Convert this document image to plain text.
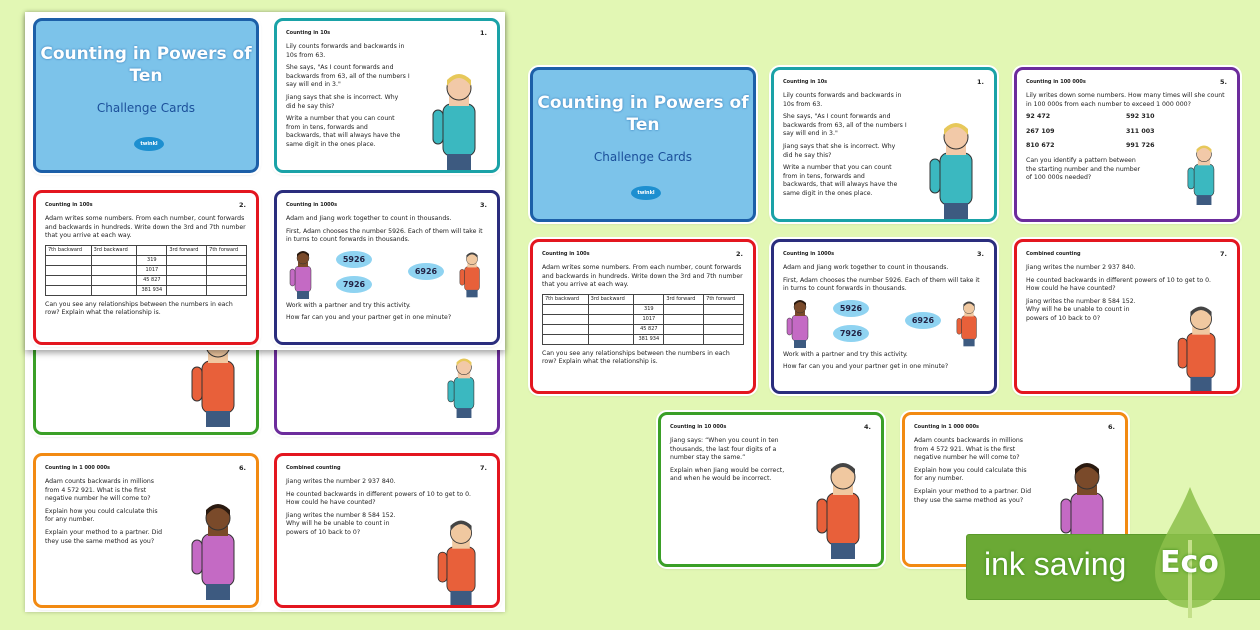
Counting in 1 000 000s	6.

Adam counts backwards in millions from 4 572 921. What is the first negative number he will come to?

Explain how you could calculate this for any number.

Explain your method to a partner. Did they use the same method as you?

Combined counting	7.

Jiang writes the number 2 937 840.

He counted backwards in different powers of 10 to get to 0. How could he have counted?

Jiang writes the number 8 584 152. Why will he be unable to count in powers of 10 back to 0?

Counting in Powers of Ten
Challenge Cards
twinkl
Counting in 10s	1.

Lily counts forwards and backwards in 10s from 63.

She says, "As I count forwards and backwards from 63, all of the numbers I say will end in 3."

Jiang says that she is incorrect. Why did he say this?

Write a number that you can count from in tens, forwards and backwards, that will always have the same digit in the ones place.

Counting in 100s	2.

Adam writes some numbers. From each number, count forwards and backwards in hundreds. Write down the 3rd and 7th number that you arrive at each way.

7th backward	3rd backward		3rd forward	7th forward
		319		
		1017		
		45 827		
		381 934		

Can you see any relationships between the numbers in each row? Explain what the relationship is.

Counting in 1000s	3.

Adam and Jiang work together to count in thousands.

First, Adam chooses the number 5926. Each of them will take it in turns to count forwards in thousands.

5926
7926
6926

Work with a partner and try this activity.

How far can you and your partner get in one minute?

Counting in Powers of Ten
Challenge Cards
twinkl
Counting in 10s	1.

Lily counts forwards and backwards in 10s from 63.

She says, "As I count forwards and backwards from 63, all of the numbers I say will end in 3."

Jiang says that she is incorrect. Why did he say this?

Write a number that you can count from in tens, forwards and backwards, that will always have the same digit in the ones place.

Counting in 100 000s	5.

Lily writes down some numbers. How many times will she count in 100 000s from each number to exceed 1 000 000?

92 472	592 310
267 109	311 003
810 672	991 726

Can you identify a pattern between the starting number and the number of 100 000s needed?

Counting in 100s	2.

Adam writes some numbers. From each number, count forwards and backwards in hundreds. Write down the 3rd and 7th number that you arrive at each way.

7th backward	3rd backward		3rd forward	7th forward
		319		
		1017		
		45 827		
		381 934		

Can you see any relationships between the numbers in each row? Explain what the relationship is.

Counting in 1000s	3.

Adam and Jiang work together to count in thousands.

First, Adam chooses the number 5926. Each of them will take it in turns to count forwards in thousands.

5926
7926
6926

Work with a partner and try this activity.

How far can you and your partner get in one minute?

Combined counting	7.

Jiang writes the number 2 937 840.

He counted backwards in different powers of 10 to get to 0. How could he have counted?

Jiang writes the number 8 584 152. Why will he be unable to count in powers of 10 back to 0?

Counting in 10 000s	4.

Jiang says: “When you count in ten thousands, the last four digits of a number stay the same.”

Explain when Jiang would be correct, and when he would be incorrect.

Counting in 1 000 000s	6.

Adam counts backwards in millions from 4 572 921. What is the first negative number he will come to?

Explain how you could calculate this for any number.

Explain your method to a partner. Did they use the same method as you?

ink saving Eco
